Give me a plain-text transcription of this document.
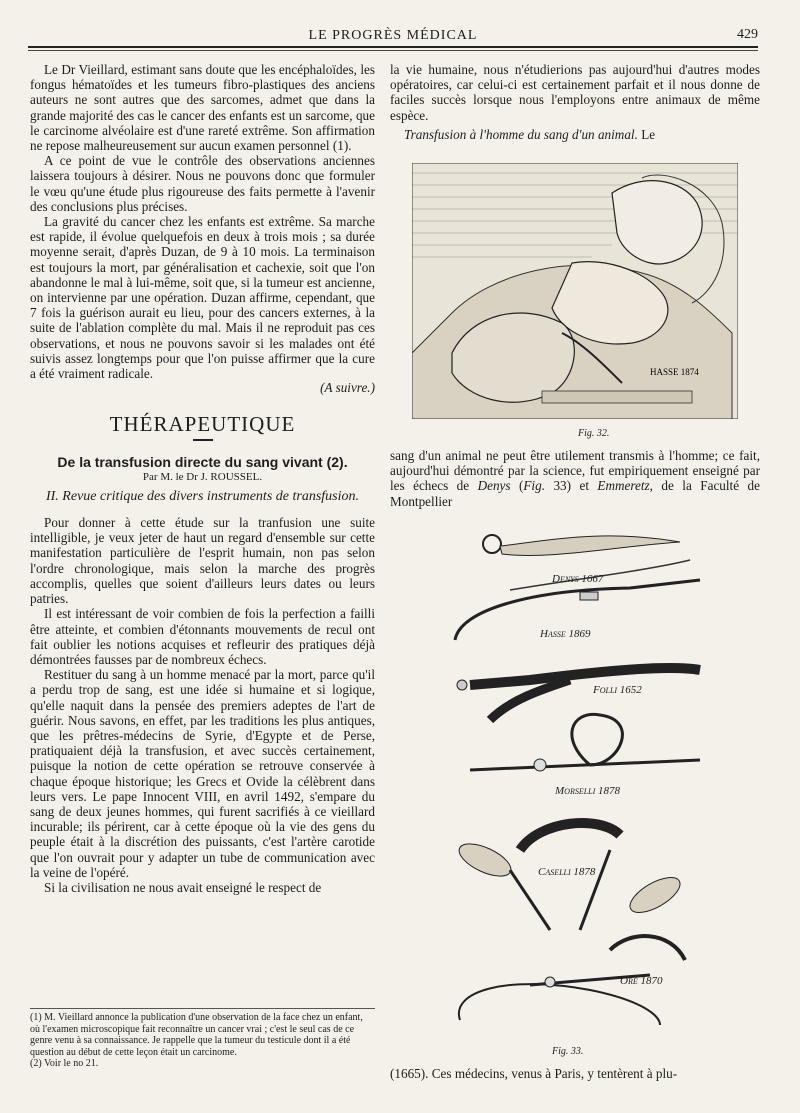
LE PROGRÈS MÉDICAL	429

Le Dr Vieillard, estimant sans doute que les encéphaloïdes, les fongus hématoïdes et les tumeurs fibro-plastiques des anciens auteurs ne sont autres que des sarcomes, admet que dans la grande majorité des cas le cancer des enfants est un sarcome, que le carcinome alvéolaire est d'une rareté extrême. Son affirmation ne repose malheureusement sur aucun examen personnel (1).

A ce point de vue le contrôle des observations anciennes laissera toujours à désirer. Nous ne pouvons donc que formuler le vœu qu'une étude plus rigoureuse des faits permette à l'avenir des conclusions plus précises.

La gravité du cancer chez les enfants est extrême. Sa marche est rapide, il évolue quelquefois en deux à trois mois ; sa durée moyenne serait, d'après Duzan, de 9 à 10 mois. La terminaison est toujours la mort, par généralisation et cachexie, soit que l'on abandonne le mal à lui-même, soit que, si la tumeur est ancienne, on intervienne par une opération. Duzan affirme, cependant, que 7 fois la guérison aurait eu lieu, pour des cancers externes, à la suite de l'ablation complète du mal. Mais il ne reproduit pas ces observations, et nous ne pouvons savoir si les malades ont été suivis assez longtemps pour que l'on puisse affirmer que la cure a été vraiment radicale.

(A suivre.)
THÉRAPEUTIQUE
De la transfusion directe du sang vivant (2).
Par M. le Dr J. ROUSSEL.
II. Revue critique des divers instruments de transfusion.

Pour donner à cette étude sur la tranfusion une suite intelligible, je veux jeter de haut un regard d'ensemble sur cette manifestation particulière de l'esprit humain, non pas selon l'ordre chronologique, mais selon la marche des progrès accomplis, quelles que soient d'ailleurs leurs dates ou leurs patries.

Il est intéressant de voir combien de fois la perfection a failli être atteinte, et combien d'étonnants mouvements de recul ont fait oublier les notions acquises et refleurir des pratiques déjà démontrées fausses par de nombreux échecs.

Restituer du sang à un homme menacé par la mort, parce qu'il a perdu trop de sang, est une idée si humaine et si logique, qu'elle naquit dans la pensée des premiers adeptes de l'art de guérir. Nous savons, en effet, par les traditions les plus antiques, que les prêtres-médecins de Syrie, d'Egypte et de Perse, pratiquaient déjà la transfusion, et avec succès certainement, puisque la notion de cette opération se retrouve conservée à chaque époque historique; les Grecs et Ovide la célèbrent dans leurs vers. Le pape Innocent VIII, en avril 1492, s'empare du sang de deux jeunes hommes, qui furent sacrifiés à ce vieillard incurable; ils périrent, car à cette époque où la vie des gens du peuple était à la discrétion des puissants, c'est l'artère carotide que l'on ouvrait pour y adapter un tube de communication avec la veine de l'opéré.

Si la civilisation ne nous avait enseigné le respect de

(1) M. Vieillard annonce la publication d'une observation de la face chez un enfant, où l'examen microscopique fait reconnaître un cancer vrai ; c'est le seul cas de ce genre venu à sa connaissance. Je rappelle que la tumeur du testicule dont il a été question au début de cette leçon était un carcinome.

(2) Voir le no 21.

la vie humaine, nous n'étudierions pas aujourd'hui d'autres modes opératoires, car celui-ci est certainement parfait et il nous donne de faciles succès lorsque nous l'employons entre animaux de même espèce.

Transfusion à l'homme du sang d'un animal. Le

HASSE 1874
Fig. 32.

sang d'un animal ne peut être utilement transmis à l'homme; ce fait, aujourd'hui démontré par la science, fut empiriquement enseigné par les échecs de Denys (Fig. 33) et Emmeretz, de la Faculté de Montpellier

Denys 1667
Hasse 1869
Folli 1652
Morselli 1878
Caselli 1878
Oré 1870
Fig. 33.

(1665). Ces médecins, venus à Paris, y tentèrent à plu-
